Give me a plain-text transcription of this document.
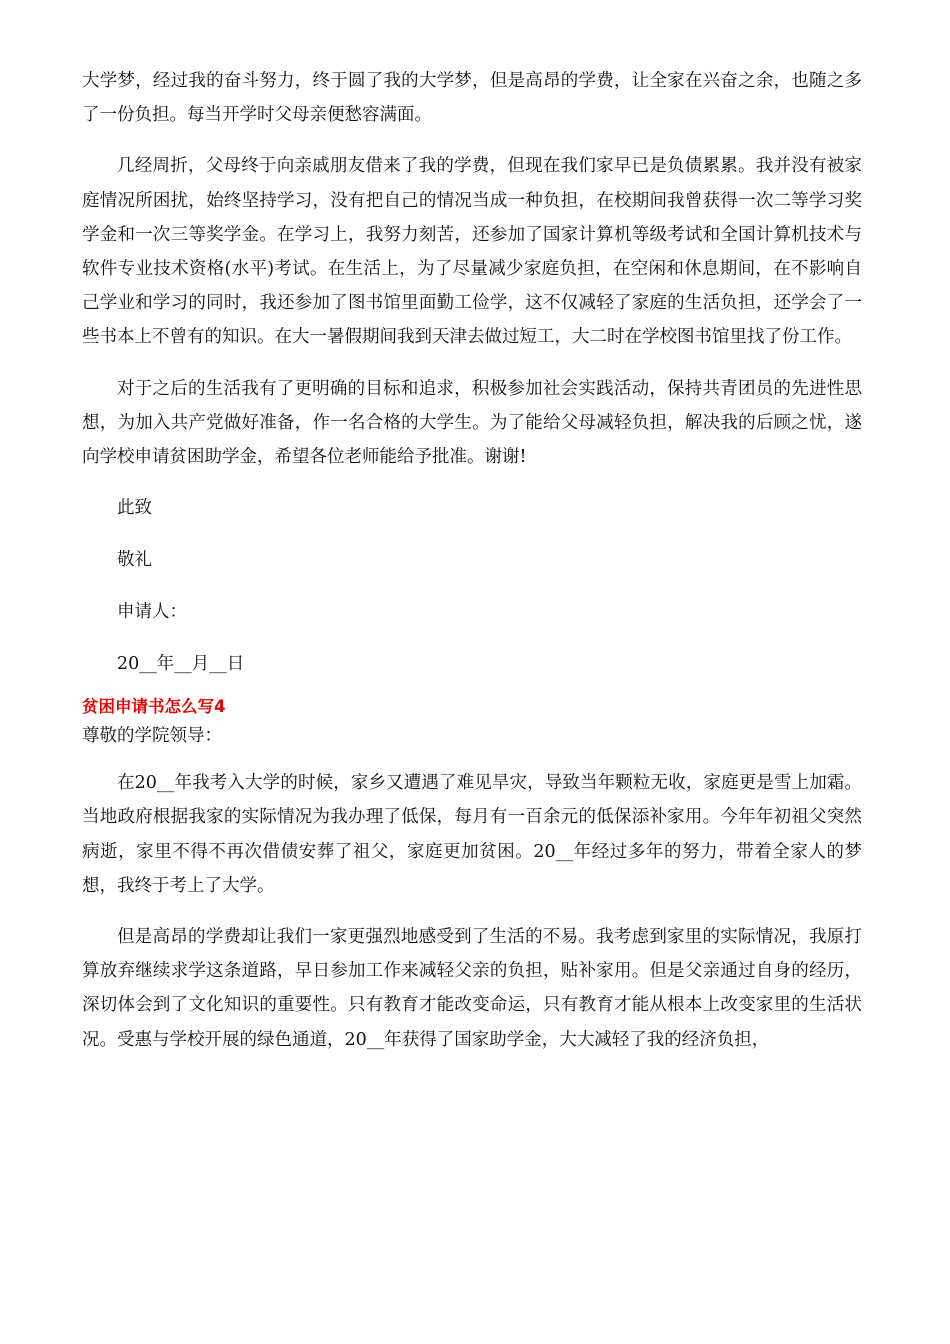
大学梦，经过我的奋斗努力，终于圆了我的大学梦，但是高昂的学费，让全家在兴奋之余，也随之多了一份负担。每当开学时父母亲便愁容满面。

几经周折，父母终于向亲戚朋友借来了我的学费，但现在我们家早已是负债累累。我并没有被家庭情况所困扰，始终坚持学习，没有把自己的情况当成一种负担，在校期间我曾获得一次二等学习奖学金和一次三等奖学金。在学习上，我努力刻苦，还参加了国家计算机等级考试和全国计算机技术与软件专业技术资格(水平)考试。在生活上，为了尽量减少家庭负担，在空闲和休息期间，在不影响自己学业和学习的同时，我还参加了图书馆里面勤工俭学，这不仅减轻了家庭的生活负担，还学会了一些书本上不曾有的知识。在大一暑假期间我到天津去做过短工，大二时在学校图书馆里找了份工作。

对于之后的生活我有了更明确的目标和追求，积极参加社会实践活动，保持共青团员的先进性思想，为加入共产党做好准备，作一名合格的大学生。为了能给父母减轻负担，解决我的后顾之忧，遂向学校申请贫困助学金，希望各位老师能给予批准。谢谢!

此致

敬礼

申请人：

20__年__月__日

贫困申请书怎么写4

尊敬的学院领导：

在20__年我考入大学的时候，家乡又遭遇了难见旱灾，导致当年颗粒无收，家庭更是雪上加霜。当地政府根据我家的实际情况为我办理了低保，每月有一百余元的低保添补家用。今年年初祖父突然病逝，家里不得不再次借债安葬了祖父，家庭更加贫困。20__年经过多年的努力，带着全家人的梦想，我终于考上了大学。

但是高昂的学费却让我们一家更强烈地感受到了生活的不易。我考虑到家里的实际情况，我原打算放弃继续求学这条道路，早日参加工作来减轻父亲的负担，贴补家用。但是父亲通过自身的经历，深切体会到了文化知识的重要性。只有教育才能改变命运，只有教育才能从根本上改变家里的生活状况。受惠与学校开展的绿色通道，20__年获得了国家助学金，大大减轻了我的经济负担，
